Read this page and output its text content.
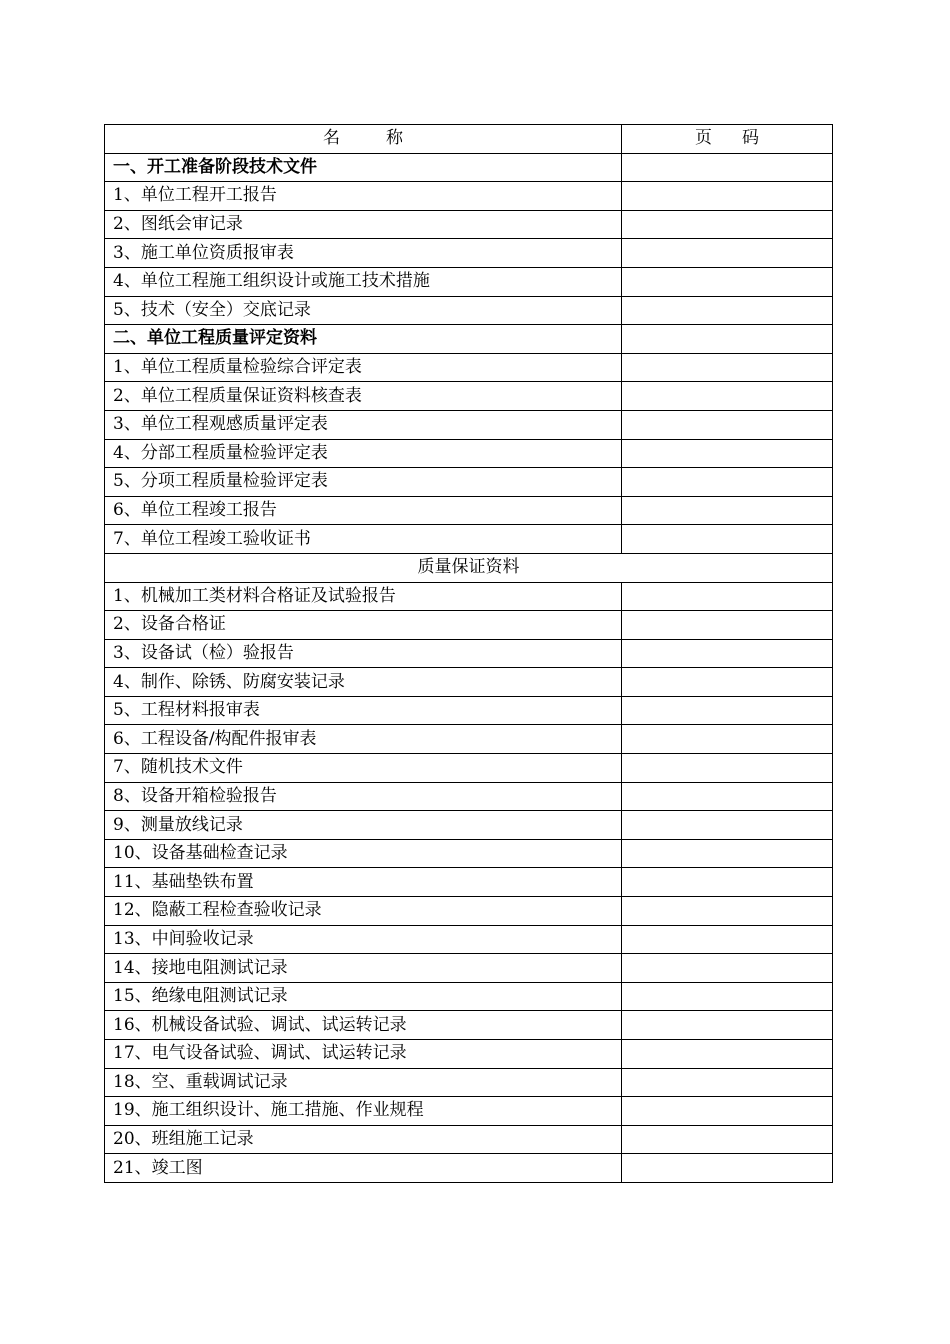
名 称	页 码
一、开工准备阶段技术文件	
1、单位工程开工报告	
2、图纸会审记录	
3、施工单位资质报审表	
4、单位工程施工组织设计或施工技术措施	
5、技术（安全）交底记录	
二、单位工程质量评定资料	
1、单位工程质量检验综合评定表	
2、单位工程质量保证资料核查表	
3、单位工程观感质量评定表	
4、分部工程质量检验评定表	
5、分项工程质量检验评定表	
6、单位工程竣工报告	
7、单位工程竣工验收证书	
质量保证资料	
1、机械加工类材料合格证及试验报告	
2、设备合格证	
3、设备试（检）验报告	
4、制作、除锈、防腐安装记录	
5、工程材料报审表	
6、工程设备/构配件报审表	
7、随机技术文件	
8、设备开箱检验报告	
9、测量放线记录	
10、设备基础检查记录	
11、基础垫铁布置	
12、隐蔽工程检查验收记录	
13、中间验收记录	
14、接地电阻测试记录	
15、绝缘电阻测试记录	
16、机械设备试验、调试、试运转记录	
17、电气设备试验、调试、试运转记录	
18、空、重载调试记录	
19、施工组织设计、施工措施、作业规程	
20、班组施工记录	
21、竣工图	
